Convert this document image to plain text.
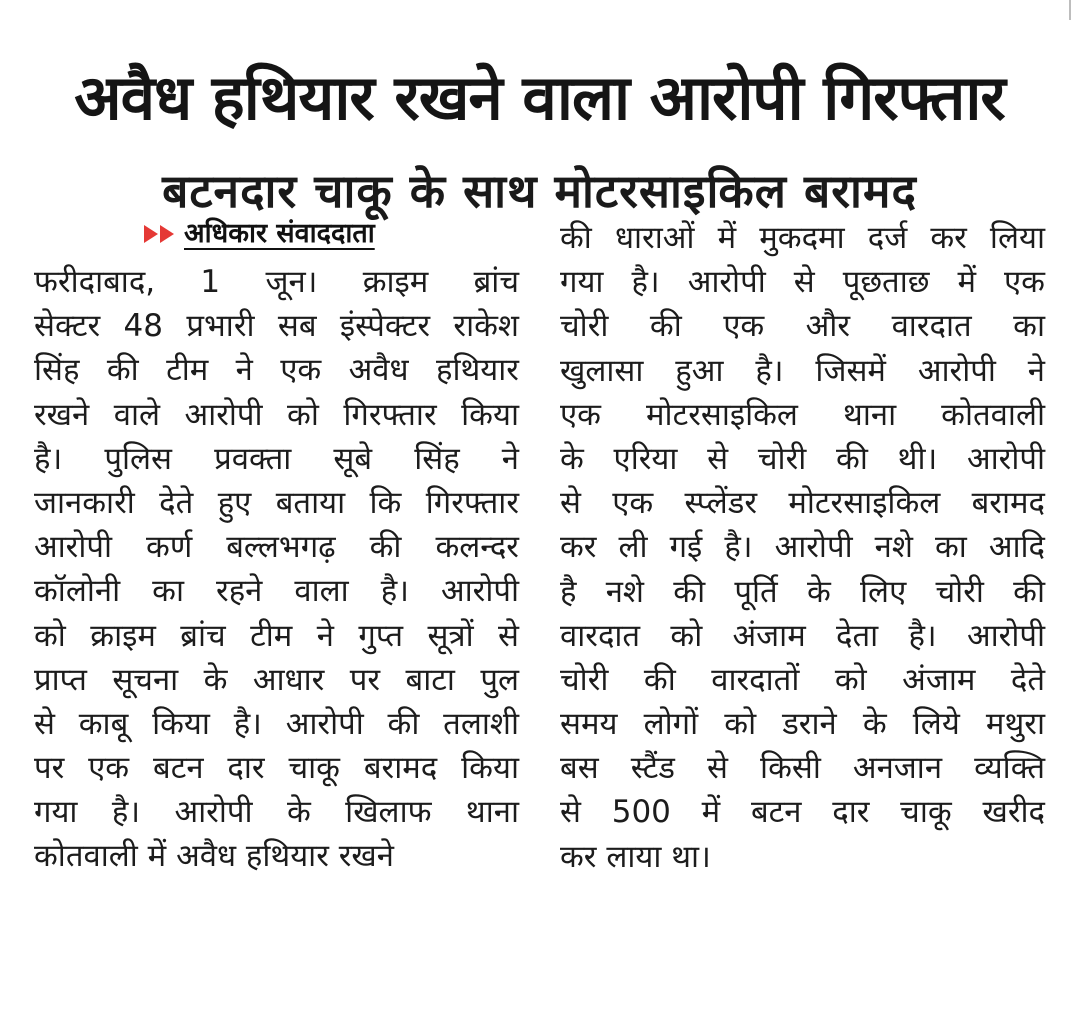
अवैध हथियार रखने वाला आरोपी गिरफ्तार
बटनदार चाकू के साथ मोटरसाइकिल बरामद
अधिकार संवाददाता
फरीदाबाद, 1 जून। क्राइम ब्रांच
सेक्टर 48 प्रभारी सब इंस्पेक्टर राकेश
सिंह की टीम ने एक अवैध हथियार
रखने वाले आरोपी को गिरफ्तार किया
है। पुलिस प्रवक्ता सूबे सिंह ने
जानकारी देते हुए बताया कि गिरफ्तार
आरोपी कर्ण बल्लभगढ़ की कलन्दर
कॉलोनी का रहने वाला है। आरोपी
को क्राइम ब्रांच टीम ने गुप्त सूत्रों से
प्राप्त सूचना के आधार पर बाटा पुल
से काबू किया है। आरोपी की तलाशी
पर एक बटन दार चाकू बरामद किया
गया है। आरोपी के खिलाफ थाना
कोतवाली में अवैध हथियार रखने
की धाराओं में मुकदमा दर्ज कर लिया
गया है। आरोपी से पूछताछ में एक
चोरी की एक और वारदात का
खुलासा हुआ है। जिसमें आरोपी ने
एक मोटरसाइकिल थाना कोतवाली
के एरिया से चोरी की थी। आरोपी
से एक स्प्लेंडर मोटरसाइकिल बरामद
कर ली गई है। आरोपी नशे का आदि
है नशे की पूर्ति के लिए चोरी की
वारदात को अंजाम देता है। आरोपी
चोरी की वारदातों को अंजाम देते
समय लोगों को डराने के लिये मथुरा
बस स्टैंड से किसी अनजान व्यक्ति
से 500 में बटन दार चाकू खरीद
कर लाया था।
